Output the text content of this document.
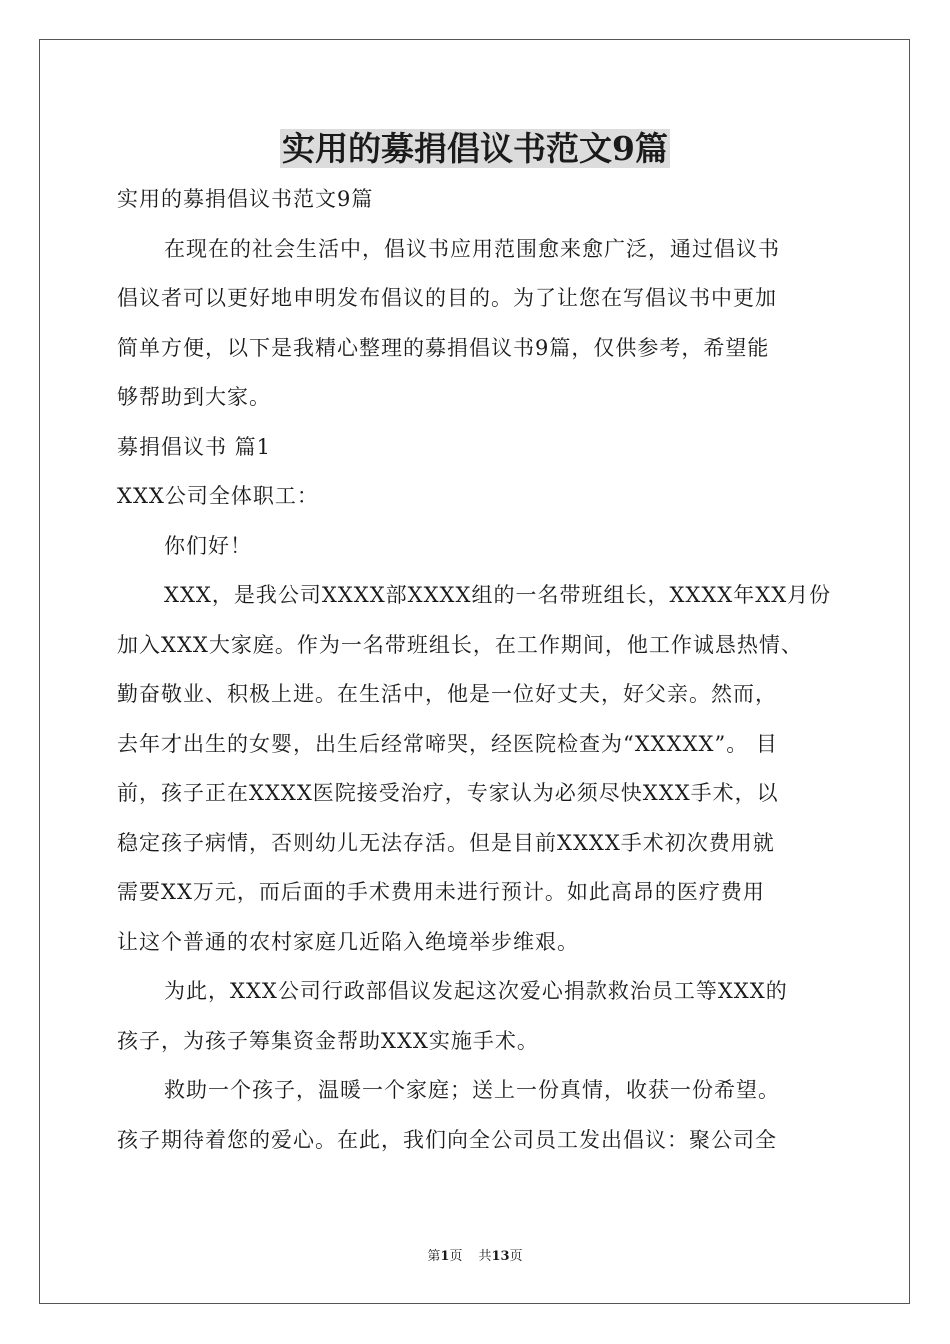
实用的募捐倡议书范文9篇
实用的募捐倡议书范文9篇
在现在的社会生活中，倡议书应用范围愈来愈广泛，通过倡议书
倡议者可以更好地申明发布倡议的目的。为了让您在写倡议书中更加
简单方便，以下是我精心整理的募捐倡议书9篇，仅供参考，希望能
够帮助到大家。
募捐倡议书 篇1
XXX公司全体职工：
你们好！
XXX，是我公司XXXX部XXXX组的一名带班组长，XXXX年XX月份
加入XXX大家庭。作为一名带班组长，在工作期间，他工作诚恳热情、
勤奋敬业、积极上进。在生活中，他是一位好丈夫，好父亲。然而，
去年才出生的女婴，出生后经常啼哭，经医院检查为“XXXXX”。 目
前，孩子正在XXXX医院接受治疗，专家认为必须尽快XXX手术，以
稳定孩子病情，否则幼儿无法存活。但是目前XXXX手术初次费用就
需要XX万元，而后面的手术费用未进行预计。如此高昂的医疗费用
让这个普通的农村家庭几近陷入绝境举步维艰。
为此，XXX公司行政部倡议发起这次爱心捐款救治员工等XXX的
孩子，为孩子筹集资金帮助XXX实施手术。
救助一个孩子，温暖一个家庭；送上一份真情，收获一份希望。
孩子期待着您的爱心。在此，我们向全公司员工发出倡议：聚公司全
第1页 共13页
